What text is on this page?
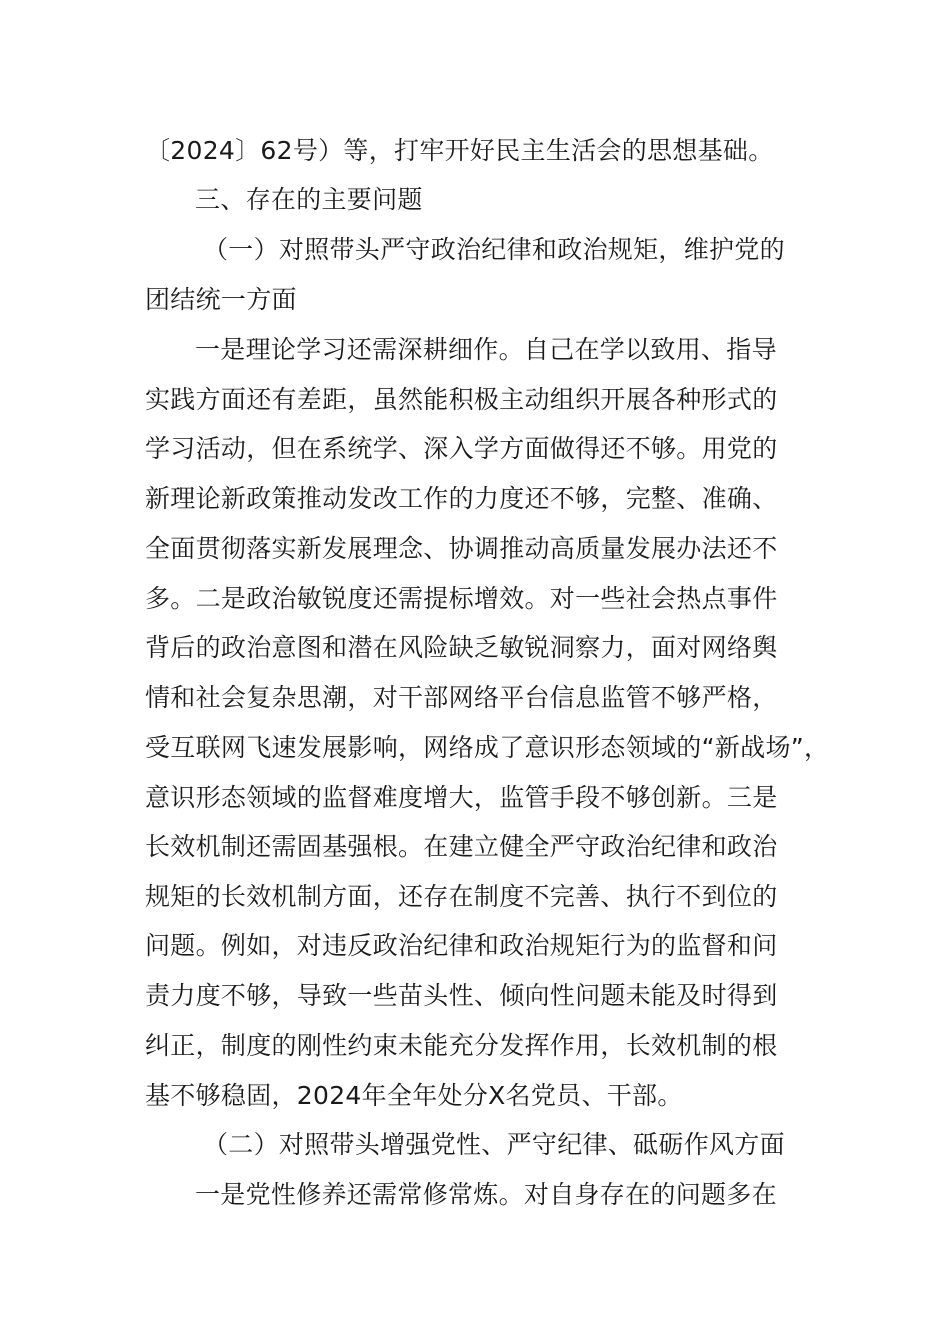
〔2024〕62号）等，打牢开好民主生活会的思想基础。
三、存在的主要问题
（一）对照带头严守政治纪律和政治规矩，维护党的
团结统一方面
一是理论学习还需深耕细作。自己在学以致用、指导
实践方面还有差距，虽然能积极主动组织开展各种形式的
学习活动，但在系统学、深入学方面做得还不够。用党的
新理论新政策推动发改工作的力度还不够，完整、准确、
全面贯彻落实新发展理念、协调推动高质量发展办法还不
多。二是政治敏锐度还需提标增效。对一些社会热点事件
背后的政治意图和潜在风险缺乏敏锐洞察力，面对网络舆
情和社会复杂思潮，对干部网络平台信息监管不够严格，
受互联网飞速发展影响，网络成了意识形态领域的“新战场”，
意识形态领域的监督难度增大，监管手段不够创新。三是
长效机制还需固基强根。在建立健全严守政治纪律和政治
规矩的长效机制方面，还存在制度不完善、执行不到位的
问题。例如，对违反政治纪律和政治规矩行为的监督和问
责力度不够，导致一些苗头性、倾向性问题未能及时得到
纠正，制度的刚性约束未能充分发挥作用，长效机制的根
基不够稳固，2024年全年处分X名党员、干部。
（二）对照带头增强党性、严守纪律、砥砺作风方面
一是党性修养还需常修常炼。对自身存在的问题多在
